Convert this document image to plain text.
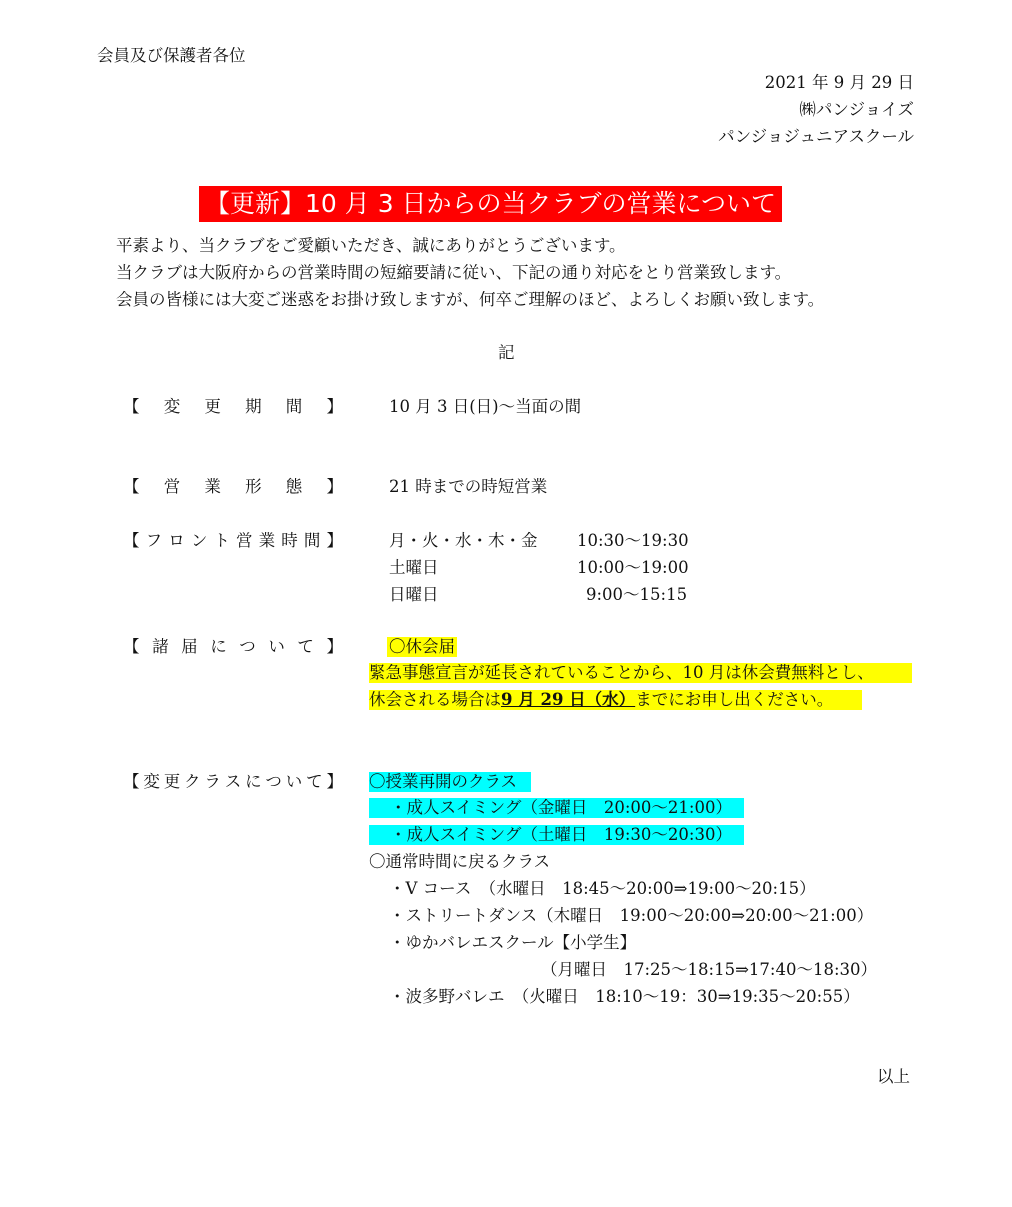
会員及び保護者各位
2021 年 9 月 29 日
㈱パンジョイズ
パンジョジュニアスクール
【更新】10 月 3 日からの当クラブの営業について
平素より、当クラブをご愛顧いただき、誠にありがとうございます。
当クラブは大阪府からの営業時間の短縮要請に従い、下記の通り対応をとり営業致します。
会員の皆様には大変ご迷惑をお掛け致しますが、何卒ご理解のほど、よろしくお願い致します。
記
【 変 更 期 間 】	10 月 3 日(日)～当面の間
【 営 業 形 態 】	21 時までの時短営業
【 フ ロ ン ト 営 業 時 間 】	月・火・水・木・金 10:30～19:30
土曜日	10:00～19:00
日曜日	9:00～15:15
【 諸 届 に つ い て 】	〇休会届
緊急事態宣言が延長されていることから、10 月は休会費無料とし、
休会される場合は9 月 29 日（水）までにお申し出ください。
【 変 更 ク ラ ス に つ い て 】 〇授業再開のクラス
・成人スイミング（金曜日　20:00～21:00）
・成人スイミング（土曜日　19:30～20:30）
〇通常時間に戻るクラス
・V コース　（水曜日　18:45～20:00⇒19:00～20:15）
・ストリートダンス（木曜日　19:00～20:00⇒20:00～21:00）
・ゆかバレエスクール【小学生】
（月曜日　17:25～18:15⇒17:40～18:30）
・波多野バレエ　（火曜日　18:10～19：30⇒19:35～20:55）
以上
